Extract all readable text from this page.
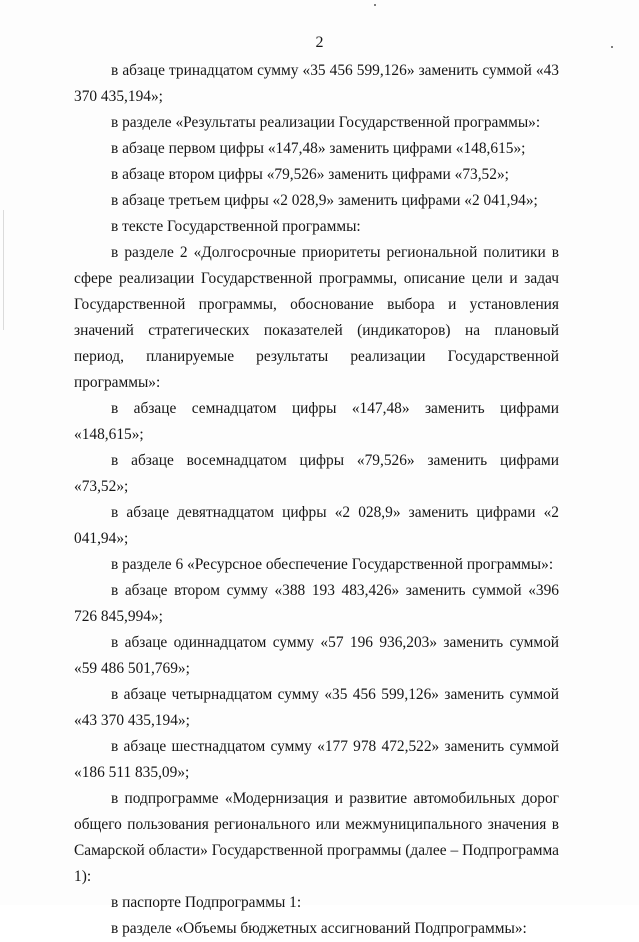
2

в абзаце тринадцатом сумму «35 456 599,126» заменить суммой «43 370 435,194»;

в разделе «Результаты реализации Государственной программы»:

в абзаце первом цифры «147,48» заменить цифрами «148,615»;

в абзаце втором цифры «79,526» заменить цифрами «73,52»;

в абзаце третьем цифры «2 028,9» заменить цифрами «2 041,94»;

в тексте Государственной программы:

в разделе 2 «Долгосрочные приоритеты региональной политики в сфере реализации Государственной программы, описание цели и задач Государственной программы, обоснование выбора и установления значений стратегических показателей (индикаторов) на плановый период, планируемые результаты реализации Государственной программы»:

в абзаце семнадцатом цифры «147,48» заменить цифрами «148,615»;

в абзаце восемнадцатом цифры «79,526» заменить цифрами «73,52»;

в абзаце девятнадцатом цифры «2 028,9» заменить цифрами «2 041,94»;

в разделе 6 «Ресурсное обеспечение Государственной программы»:

в абзаце втором сумму «388 193 483,426» заменить суммой «396 726 845,994»;

в абзаце одиннадцатом сумму «57 196 936,203» заменить суммой «59 486 501,769»;

в абзаце четырнадцатом сумму «35 456 599,126» заменить суммой «43 370 435,194»;

в абзаце шестнадцатом сумму «177 978 472,522» заменить суммой «186 511 835,09»;

в подпрограмме «Модернизация и развитие автомобильных дорог общего пользования регионального или межмуниципального значения в Самарской области» Государственной программы (далее – Подпрограмма 1):

в паспорте Подпрограммы 1:

в разделе «Объемы бюджетных ассигнований Подпрограммы»:
